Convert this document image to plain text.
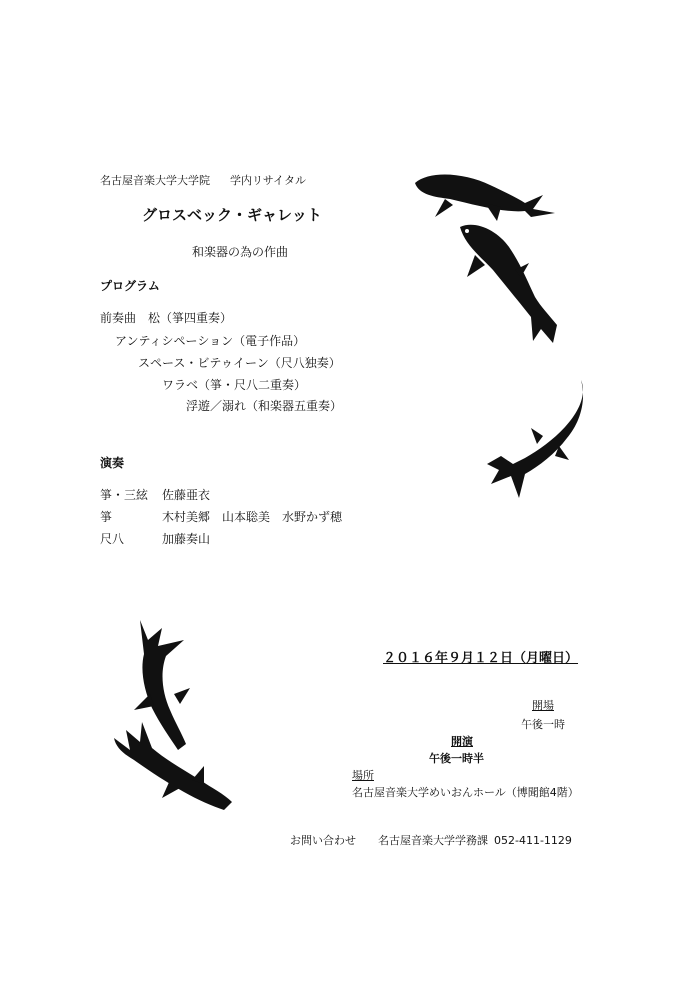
名古屋音楽大学大学院 学内リサイタル
グロスベック・ギャレット
和楽器の為の作曲
プログラム
前奏曲　松（箏四重奏）
アンティシペーション（電子作品）
スペース・ビテゥイーン（尺八独奏）
ワラベ（箏・尺八二重奏）
浮遊／溺れ（和楽器五重奏）
演奏
箏・三絃 佐藤亜衣
箏	木村美郷　山本聡美　水野かず穂
尺八	加藤奏山
２０１６年９月１２日（月曜日）
開場
午後一時
開演
午後一時半
場所
名古屋音楽大学めいおんホール（博聞館4階）
お問い合わせ 名古屋音楽大学学務課 052-411-1129
